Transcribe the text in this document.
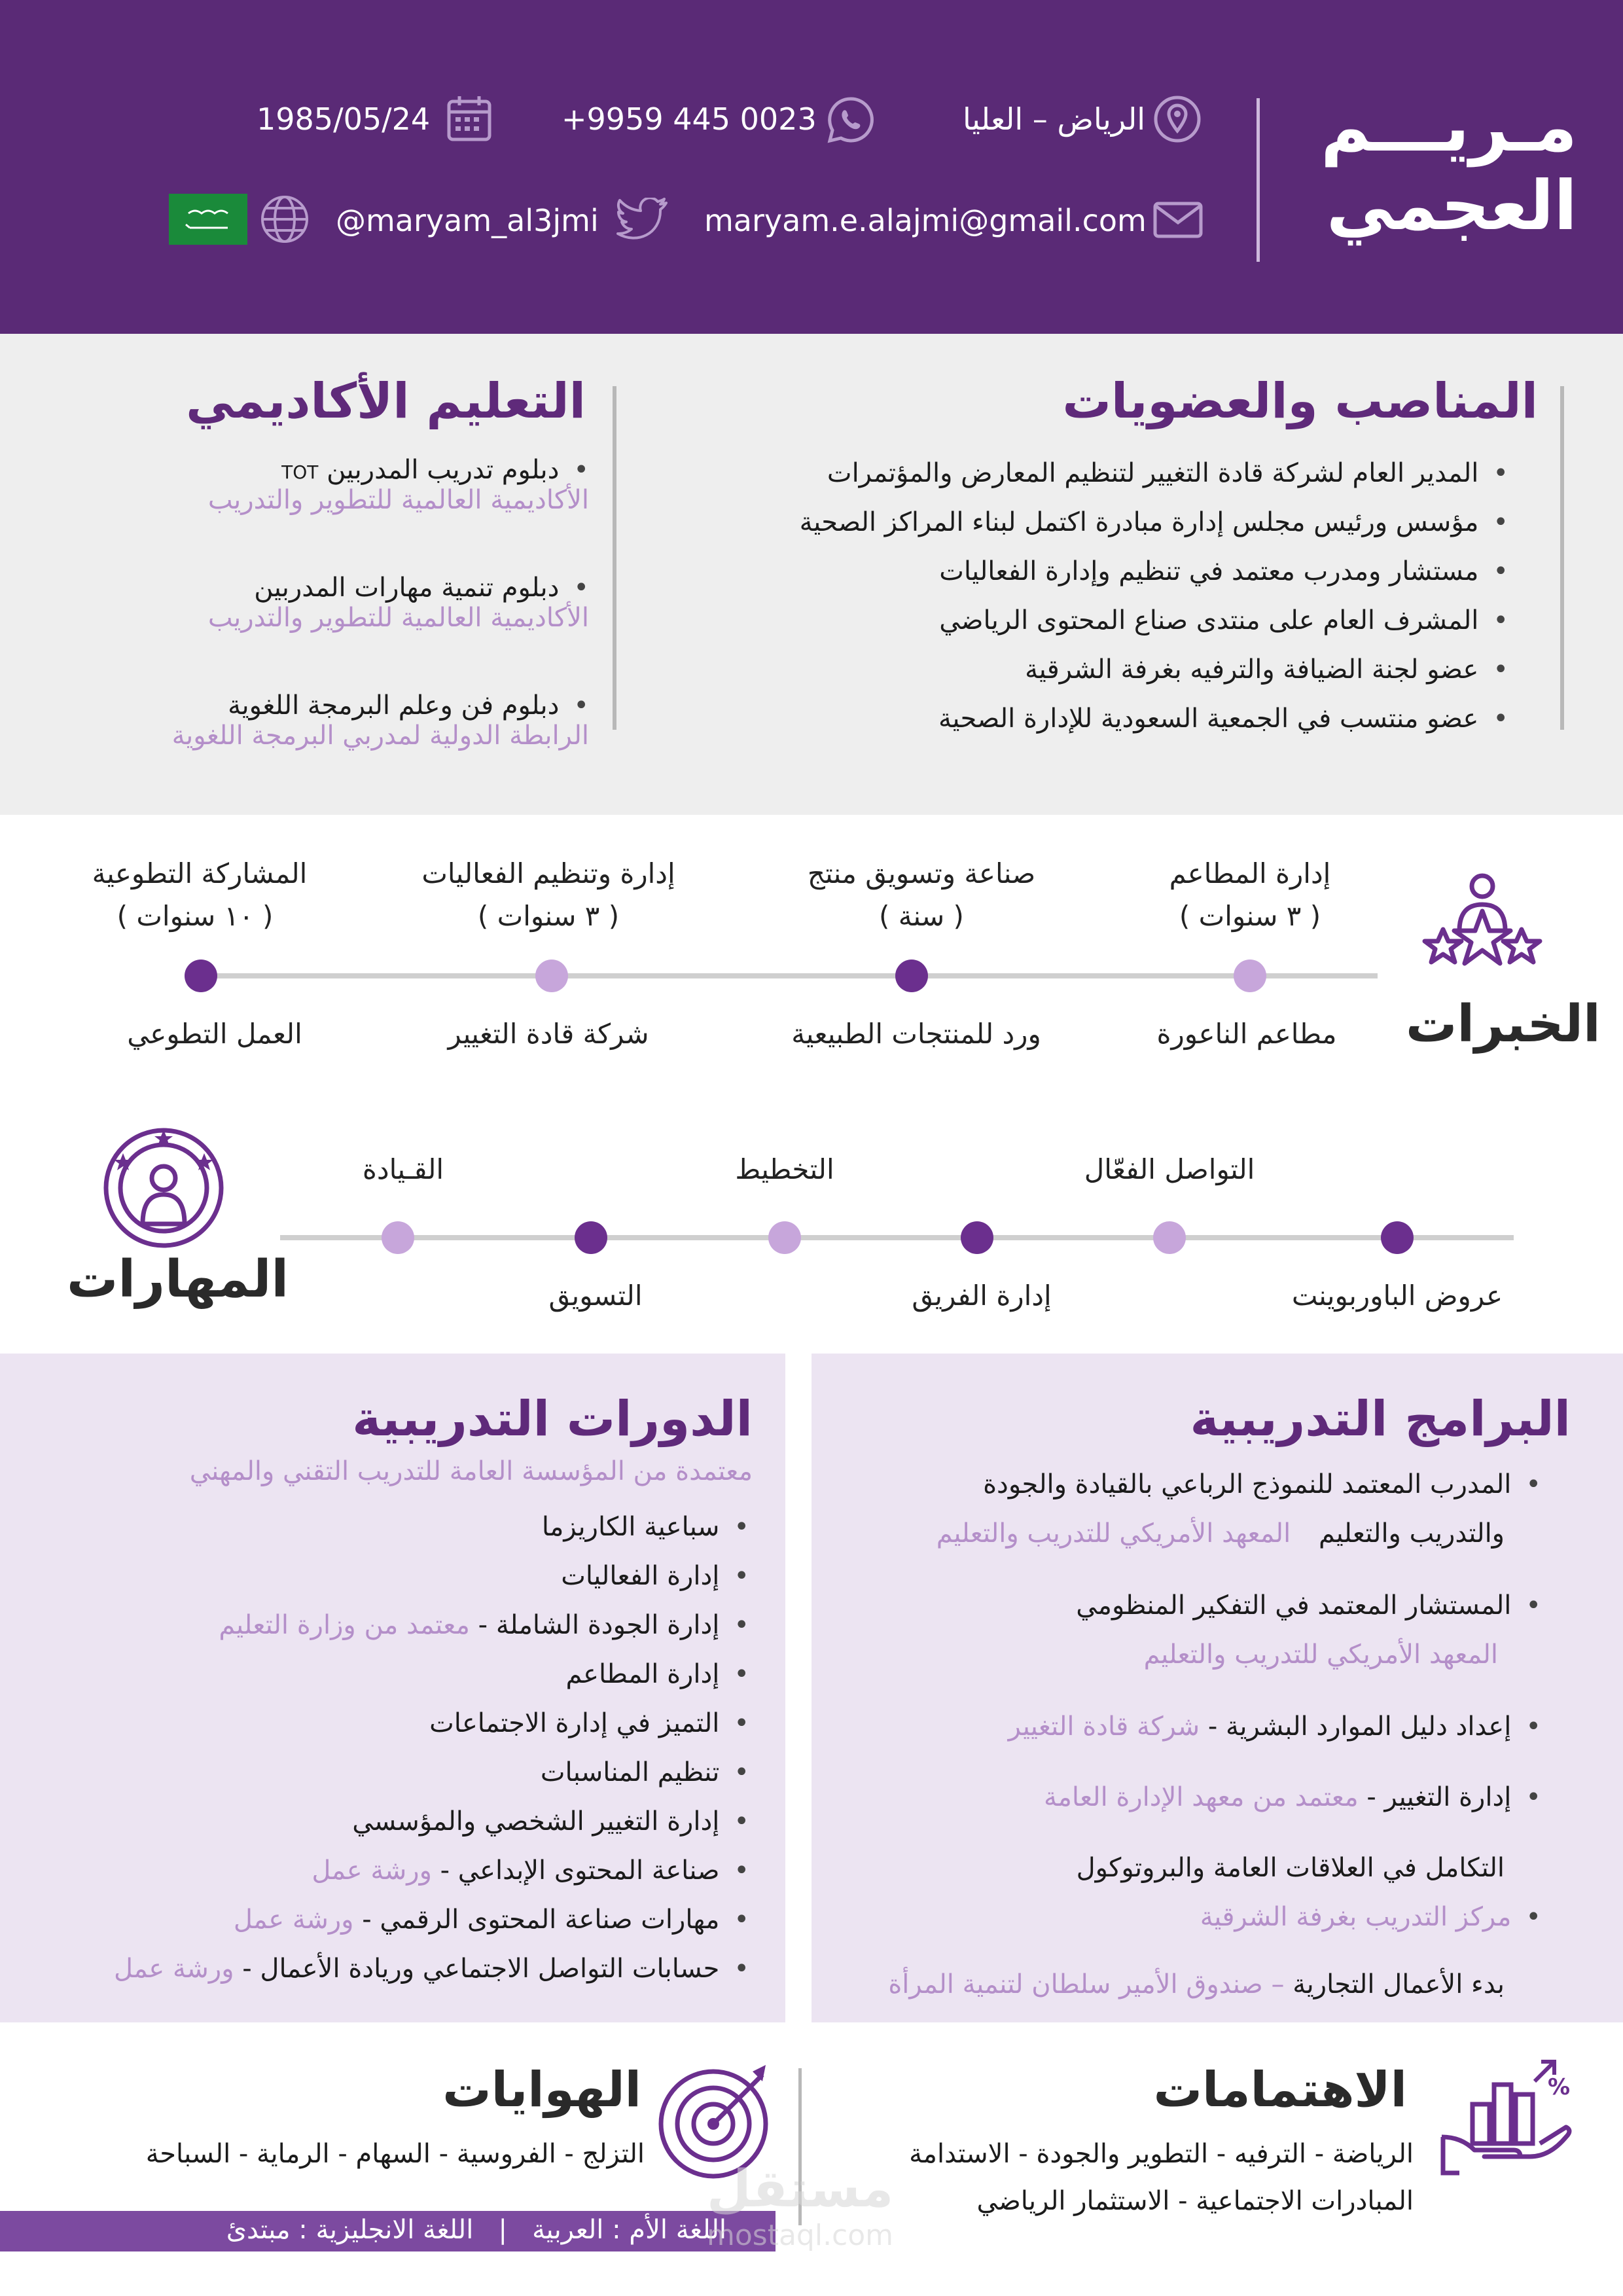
مـريـــم
العجمي
1985/05/24	+9959 445 0023	الرياض – العليا
@maryam_al3jmi	maryam.e.alajmi@gmail.com
المناصب والعضويات
• المدير العام لشركة قادة التغيير لتنظيم المعارض والمؤتمرات
• مؤسس ورئيس مجلس إدارة مبادرة اكتمل لبناء المراكز الصحية
• مستشار ومدرب معتمد في تنظيم وإدارة الفعاليات
• المشرف العام على منتدى صناع المحتوى الرياضي
• عضو لجنة الضيافة والترفيه بغرفة الشرقية
• عضو منتسب في الجمعية السعودية للإدارة الصحية
التعليم الأكاديمي
• دبلوم تدريب المدربين TOT
الأكاديمية العالمية للتطوير والتدريب
• دبلوم تنمية مهارات المدربين
الأكاديمية العالمية للتطوير والتدريب
• دبلوم فن وعلم البرمجة اللغوية
الرابطة الدولية لمدربي البرمجة اللغوية
الخبرات
إدارة المطاعم
( ٣ سنوات )
مطاعم الناعورة
صناعة وتسويق منتج
( سنة )
ورد للمنتجات الطبيعية
إدارة وتنظيم الفعاليات
( ٣ سنوات )
شركة قادة التغيير
المشاركة التطوعية
( ١٠ سنوات )
العمل التطوعي
المهارات
التواصل الفعّال
التخطيط
القـيادة
عروض الباوربوينت
إدارة الفريق
التسويق
البرامج التدريبية
• المدرب المعتمد للنموذج الرباعي بالقيادة والجودة
والتدريب والتعليم المعهد الأمريكي للتدريب والتعليم
• المستشار المعتمد في التفكير المنظومي
المعهد الأمريكي للتدريب والتعليم
• إعداد دليل الموارد البشرية - شركة قادة التغيير
• إدارة التغيير - معتمد من معهد الإدارة العامة
التكامل في العلاقات العامة والبروتوكول
• مركز التدريب بغرفة الشرقية
بدء الأعمال التجارية – صندوق الأمير سلطان لتنمية المرأة
الدورات التدريبية
معتمدة من المؤسسة العامة للتدريب التقني والمهني
• سباعية الكاريزما
• إدارة الفعاليات
• إدارة الجودة الشاملة - معتمد من وزارة التعليم
• إدارة المطاعم
• التميز في إدارة الاجتماعات
• تنظيم المناسبات
• إدارة التغيير الشخصي والمؤسسي
• صناعة المحتوى الإبداعي - ورشة عمل
• مهارات صناعة المحتوى الرقمي - ورشة عمل
• حسابات التواصل الاجتماعي وريادة الأعمال - ورشة عمل
%
الاهتمامات
الرياضة - الترفيه - التطوير والجودة - الاستدامة
المبادرات الاجتماعية - الاستثمار الرياضي
الهوايات
التزلج - الفروسية - السهام - الرماية - السباحة
اللغة الأم : العربية   |   اللغة الانجليزية : مبتدئ
مستقل
mostaql.com
